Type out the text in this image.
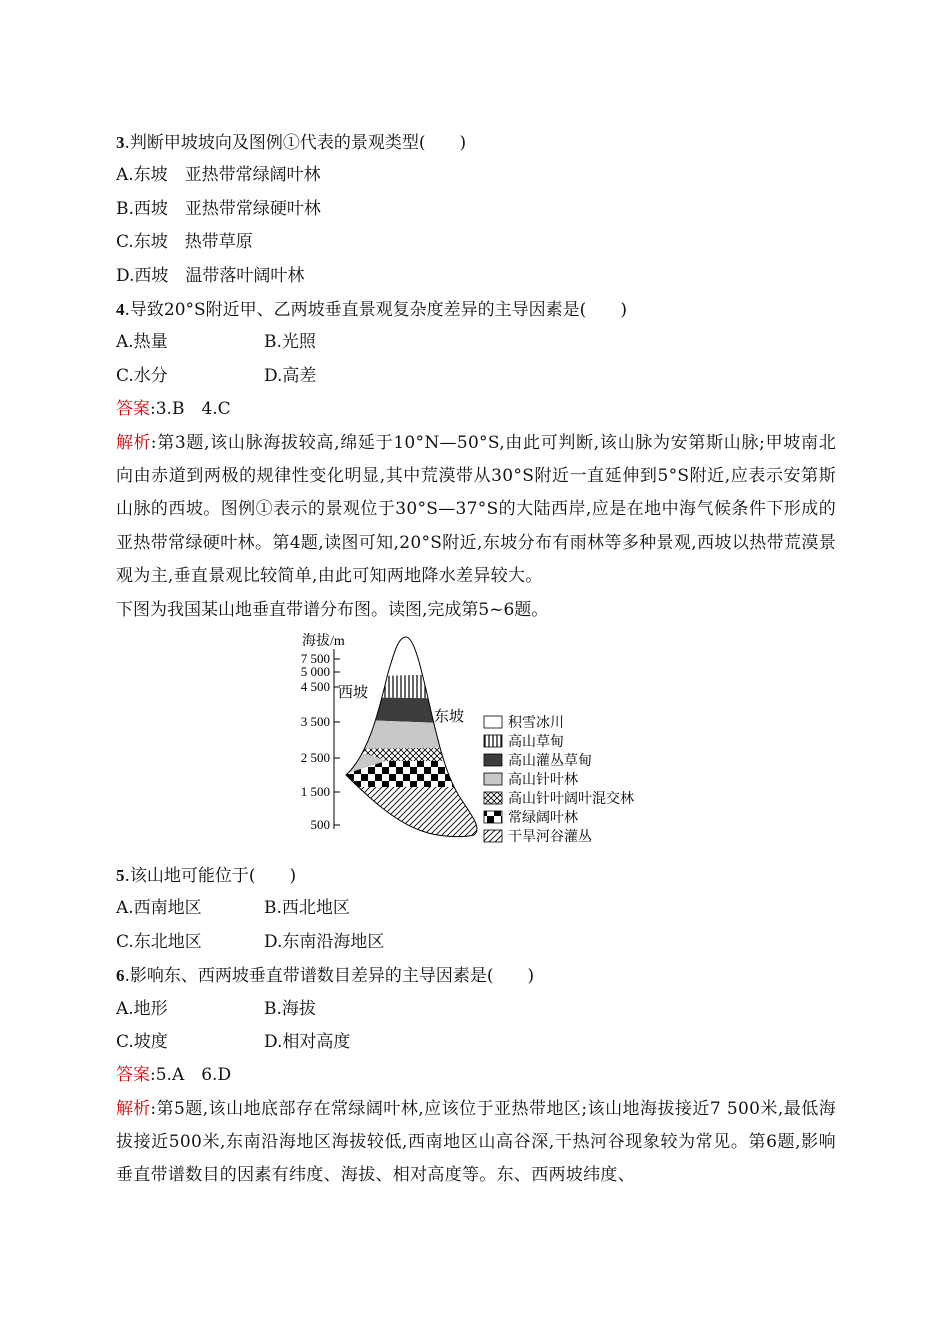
3.判断甲坡坡向及图例①代表的景观类型(　　)
A.东坡　亚热带常绿阔叶林
B.西坡　亚热带常绿硬叶林
C.东坡　热带草原
D.西坡　温带落叶阔叶林
4.导致20°S附近甲、乙两坡垂直景观复杂度差异的主导因素是(　　)
A.热量	B.光照
C.水分	D.高差
答案:3.B　4.C
解析:第3题,该山脉海拔较高,绵延于10°N—50°S,由此可判断,该山脉为安第斯山脉;甲坡南北向由赤道到两极的规律性变化明显,其中荒漠带从30°S附近一直延伸到5°S附近,应表示安第斯山脉的西坡。图例①表示的景观位于30°S—37°S的大陆西岸,应是在地中海气候条件下形成的亚热带常绿硬叶林。第4题,读图可知,20°S附近,东坡分布有雨林等多种景观,西坡以热带荒漠景观为主,垂直景观比较简单,由此可知两地降水差异较大。
下图为我国某山地垂直带谱分布图。读图,完成第5~6题。
海拔/m
7 500
5 000
4 500
3 500
2 500
1 500
500
西坡
东坡	积雪冰川
高山草甸
高山灌丛草甸
高山针叶林
高山针叶阔叶混交林
常绿阔叶林
干旱河谷灌丛
5.该山地可能位于(　　)
A.西南地区	B.西北地区
C.东北地区	D.东南沿海地区
6.影响东、西两坡垂直带谱数目差异的主导因素是(　　)
A.地形	B.海拔
C.坡度	D.相对高度
答案:5.A　6.D
解析:第5题,该山地底部存在常绿阔叶林,应该位于亚热带地区;该山地海拔接近7 500米,最低海拔接近500米,东南沿海地区海拔较低,西南地区山高谷深,干热河谷现象较为常见。第6题,影响垂直带谱数目的因素有纬度、海拔、相对高度等。东、西两坡纬度、
